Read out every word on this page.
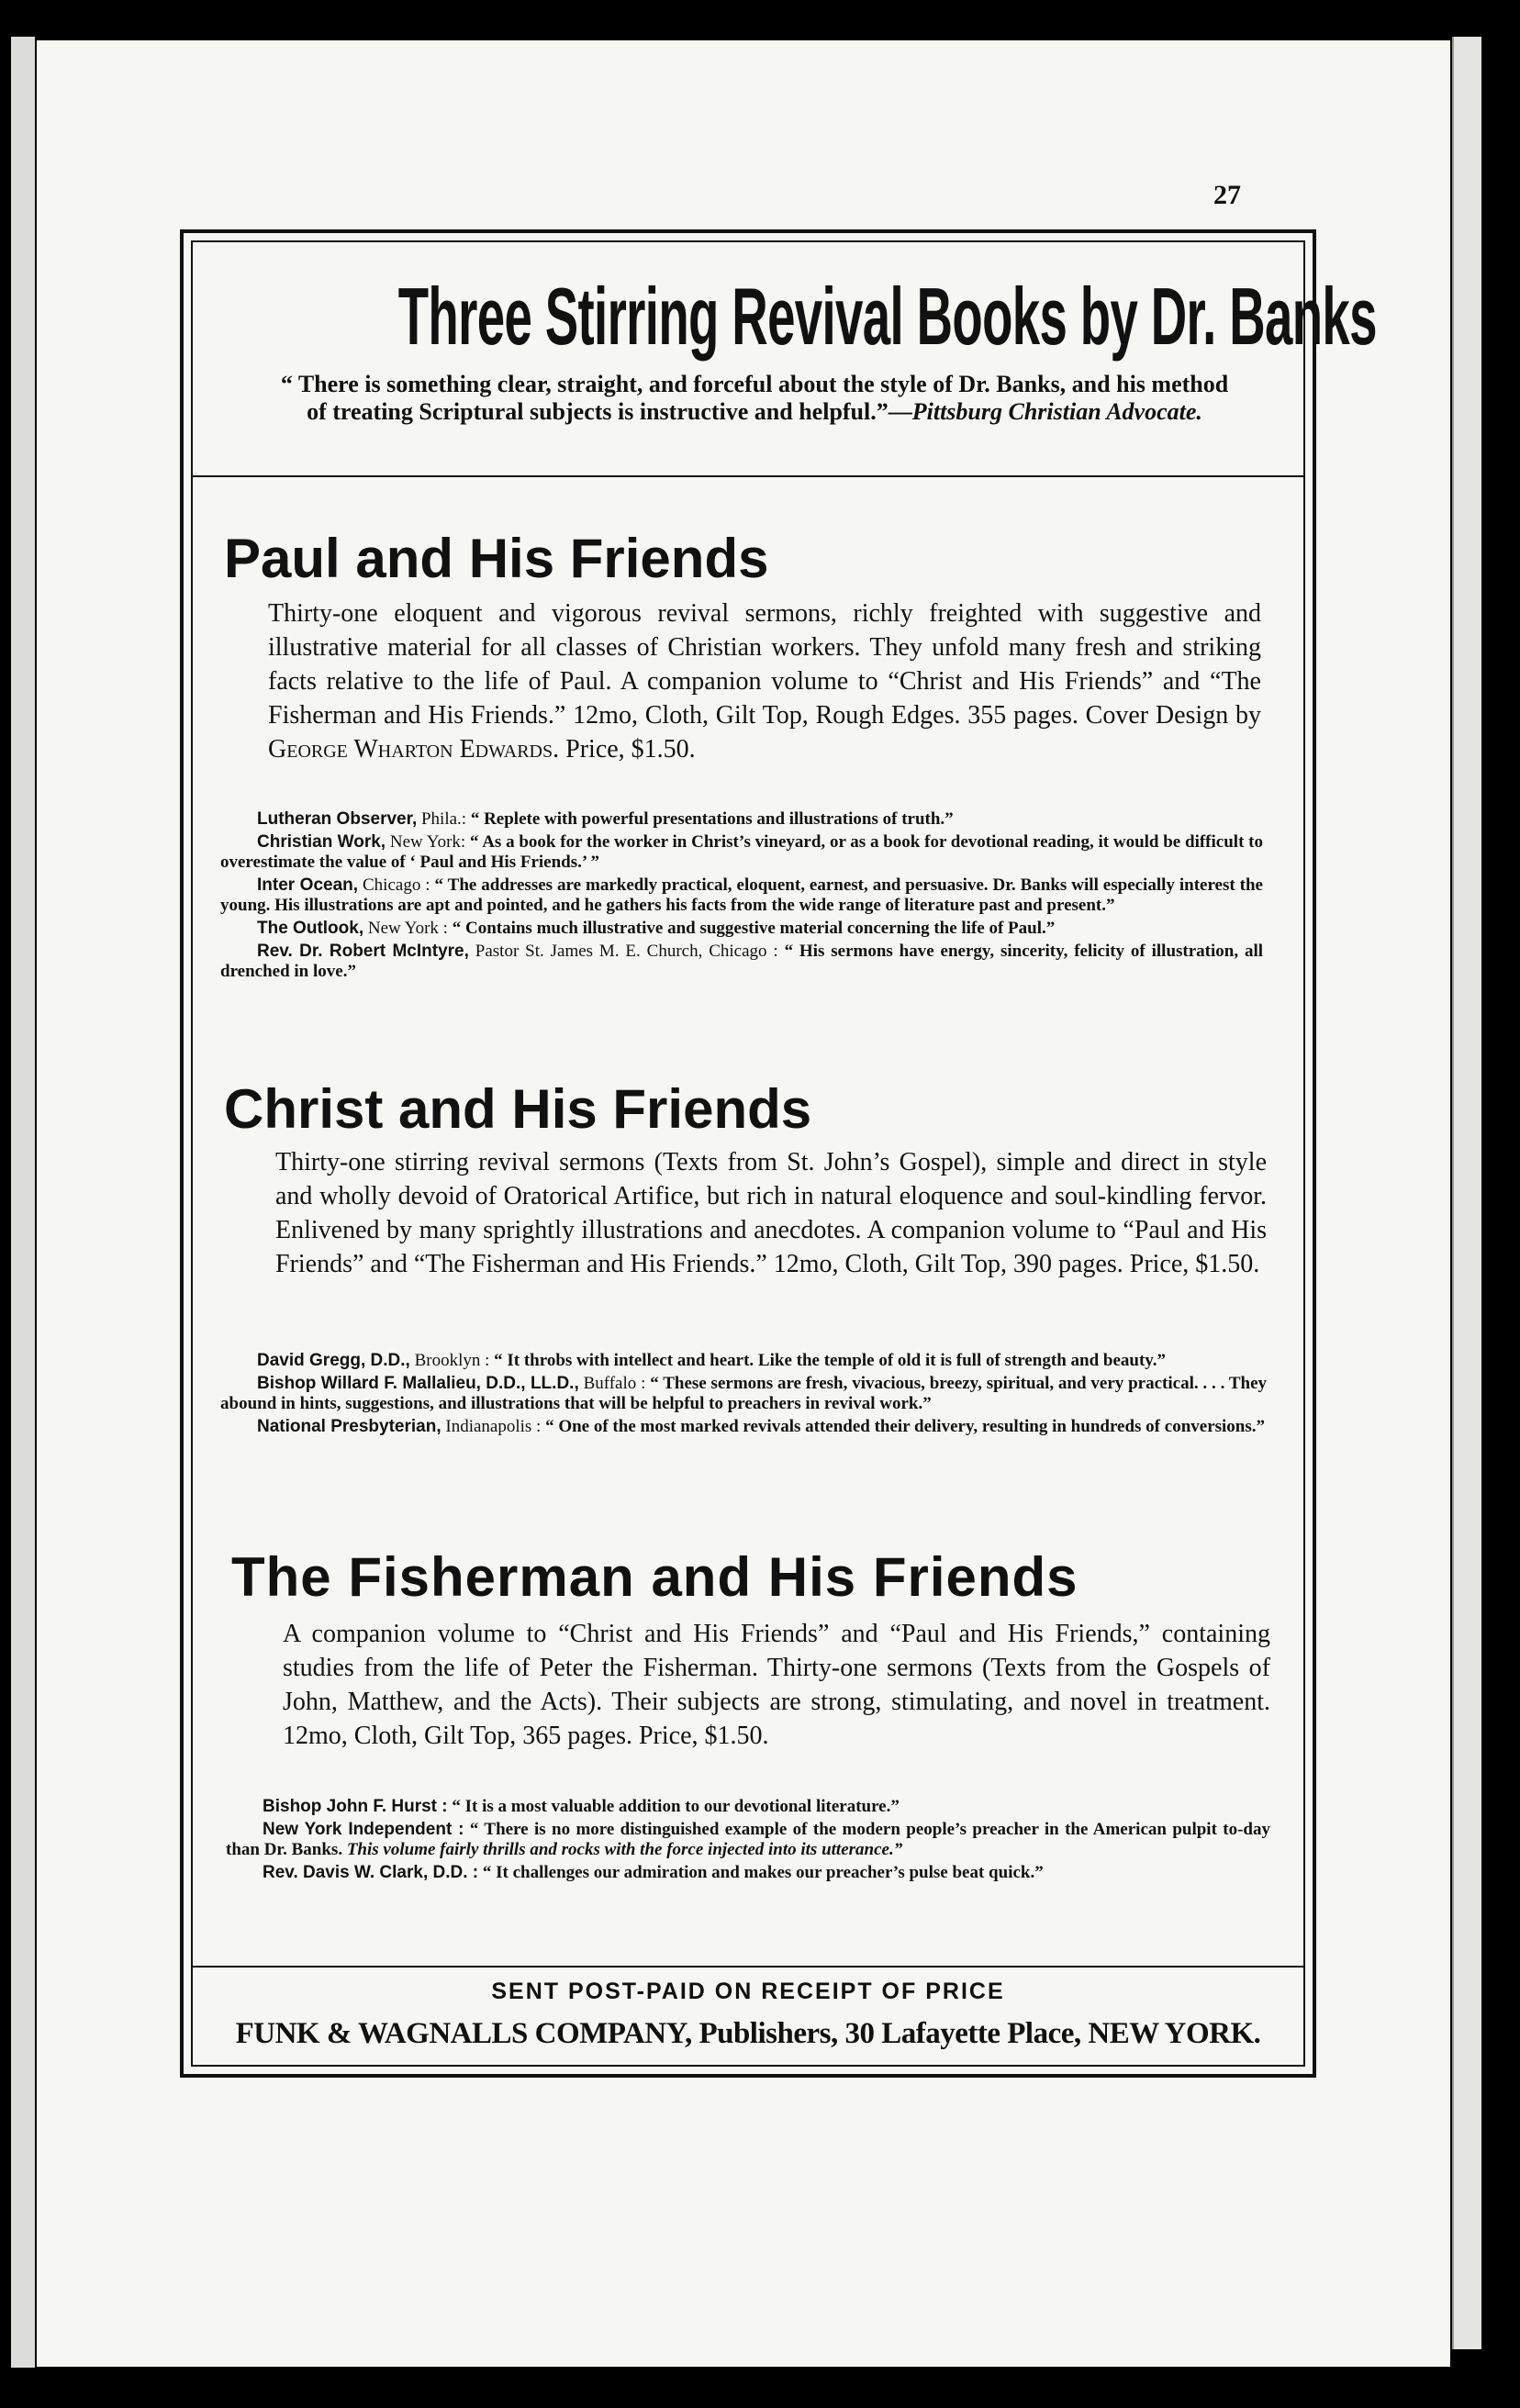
27
Three Stirring Revival Books by Dr. Banks
“ There is something clear, straight, and forceful about the style of Dr. Banks, and his method of treating Scriptural subjects is instructive and helpful.”—Pittsburg Christian Advocate.
Paul and His Friends
Thirty-one eloquent and vigorous revival sermons, richly freighted with suggestive and illustrative material for all classes of Christian workers. They unfold many fresh and striking facts relative to the life of Paul. A companion volume to “Christ and His Friends” and “The Fisherman and His Friends.” 12mo, Cloth, Gilt Top, Rough Edges. 355 pages. Cover Design by George Wharton Edwards. Price, $1.50.

Lutheran Observer, Phila.: “ Replete with powerful presentations and illustrations of truth.”

Christian Work, New York: “ As a book for the worker in Christ’s vineyard, or as a book for devotional reading, it would be difficult to overestimate the value of ‘ Paul and His Friends.’ ”

Inter Ocean, Chicago : “ The addresses are markedly practical, eloquent, earnest, and persuasive. Dr. Banks will especially interest the young. His illustrations are apt and pointed, and he gathers his facts from the wide range of literature past and present.”

The Outlook, New York : “ Contains much illustrative and suggestive material concerning the life of Paul.”

Rev. Dr. Robert McIntyre, Pastor St. James M. E. Church, Chicago : “ His sermons have energy, sincerity, felicity of illustration, all drenched in love.”

Christ and His Friends
Thirty-one stirring revival sermons (Texts from St. John’s Gospel), simple and direct in style and wholly devoid of Oratorical Artifice, but rich in natural eloquence and soul-kindling fervor. Enlivened by many sprightly illustrations and anecdotes. A companion volume to “Paul and His Friends” and “The Fisherman and His Friends.” 12mo, Cloth, Gilt Top, 390 pages. Price, $1.50.

David Gregg, D.D., Brooklyn : “ It throbs with intellect and heart. Like the temple of old it is full of strength and beauty.”

Bishop Willard F. Mallalieu, D.D., LL.D., Buffalo : “ These sermons are fresh, vivacious, breezy, spiritual, and very practical. . . . They abound in hints, suggestions, and illustrations that will be helpful to preachers in revival work.”

National Presbyterian, Indianapolis : “ One of the most marked revivals attended their delivery, resulting in hundreds of conversions.”

The Fisherman and His Friends
A companion volume to “Christ and His Friends” and “Paul and His Friends,” containing studies from the life of Peter the Fisherman. Thirty-one sermons (Texts from the Gospels of John, Matthew, and the Acts). Their subjects are strong, stimulating, and novel in treatment. 12mo, Cloth, Gilt Top, 365 pages. Price, $1.50.

Bishop John F. Hurst : “ It is a most valuable addition to our devotional literature.”

New York Independent : “ There is no more distinguished example of the modern people’s preacher in the American pulpit to-day than Dr. Banks. This volume fairly thrills and rocks with the force injected into its utterance.”

Rev. Davis W. Clark, D.D. : “ It challenges our admiration and makes our preacher’s pulse beat quick.”

SENT POST-PAID ON RECEIPT OF PRICE
FUNK & WAGNALLS COMPANY, Publishers, 30 Lafayette Place, NEW YORK.
